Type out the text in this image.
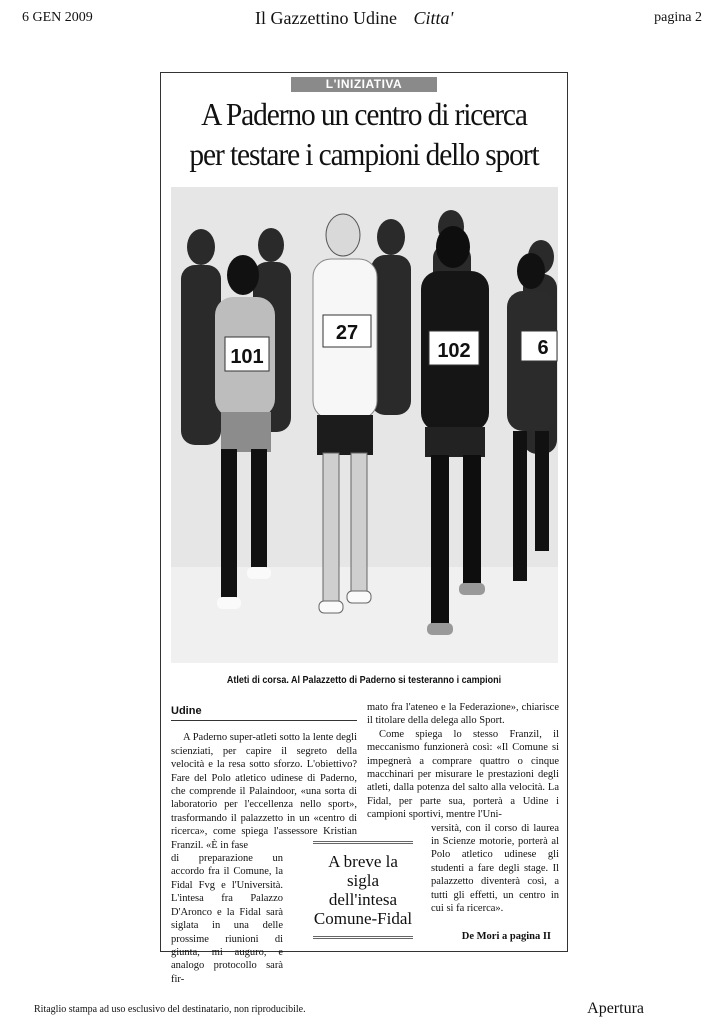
6 GEN 2009	Il Gazzettino Udine Citta'	pagina 2
L'INIZIATIVA
A Paderno un centro di ricerca
per testare i campioni dello sport
101
27
102	6
Atleti di corsa. Al Palazzetto di Paderno si testeranno i campioni
Udine

A Paderno super-atleti sotto la lente degli scienziati, per capire il segreto della velocità e la resa sotto sforzo. L'obiettivo? Fare del Polo atletico udinese di Paderno, che comprende il Palaindoor, «una sorta di laboratorio per l'eccellenza nello sport», trasformando il palazzetto in un «centro di ricerca», come spiega l'assessore Kristian Franzil. «È in fase

di preparazione un accordo fra il Comune, la Fidal Fvg e l'Università. L'intesa fra Palazzo D'Aronco e la Fidal sarà siglata in una delle prossime riunioni di giunta, mi auguro, e analogo protocollo sarà fir-

mato fra l'ateneo e la Federazione», chiarisce il titolare della delega allo Sport.

Come spiega lo stesso Franzil, il meccanismo funzionerà così: «Il Comune si impegnerà a comprare quattro o cinque macchinari per misurare le prestazioni degli atleti, dalla potenza del salto alla velocità. La Fidal, per parte sua, porterà a Udine i campioni sportivi, mentre l'Uni-

versità, con il corso di laurea in Scienze motorie, porterà al Polo atletico udinese gli studenti a fare degli stage. Il palazzetto diventerà così, a tutti gli effetti, un centro in cui si fa ricerca».

A breve la sigla dell'intesa Comune-Fidal
De Mori a pagina II
Ritaglio stampa ad uso esclusivo del destinatario, non riproducibile.	Apertura
